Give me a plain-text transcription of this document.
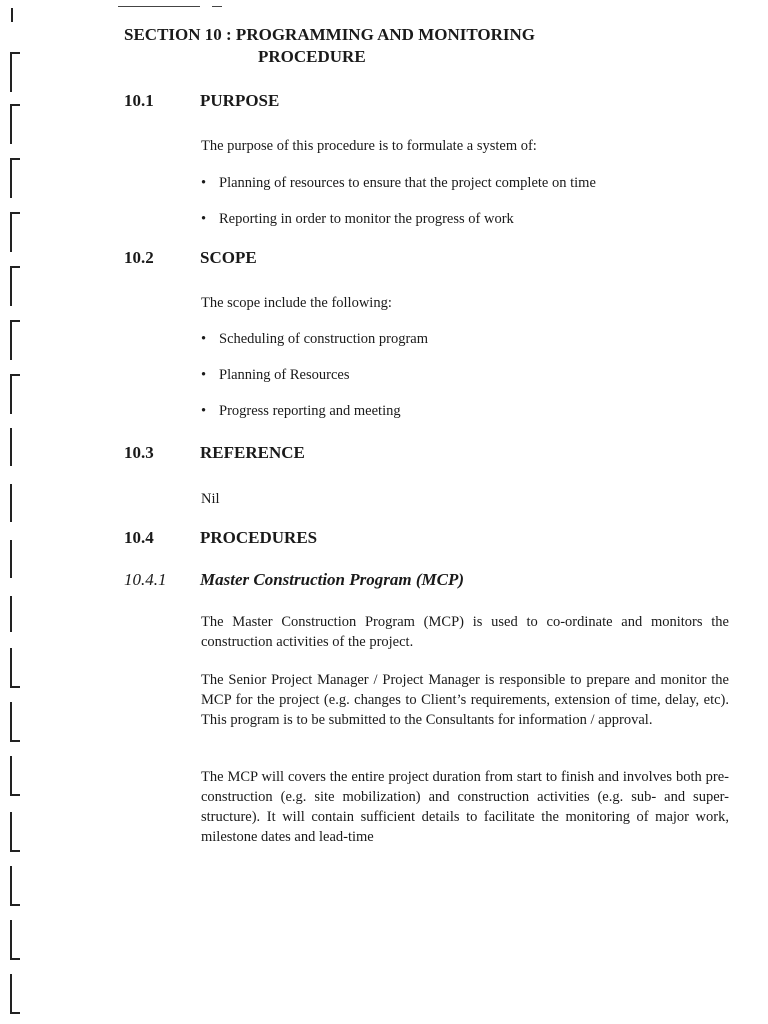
SECTION 10 : PROGRAMMING AND MONITORING
PROCEDURE
10.1	PURPOSE
The purpose of this procedure is to formulate a system of:
• Planning of resources to ensure that the project complete on time
• Reporting in order to monitor the progress of work
10.2	SCOPE
The scope include the following:
• Scheduling of construction program
• Planning of Resources
• Progress reporting and meeting
10.3	REFERENCE
Nil
10.4	PROCEDURES
10.4.1 Master Construction Program (MCP)
The Master Construction Program (MCP) is used to co-ordinate and monitors the construction activities of the project.
The Senior Project Manager / Project Manager is responsible to prepare and monitor the MCP for the project (e.g. changes to Client’s requirements, extension of time, delay, etc). This program is to be submitted to the Consultants for information / approval.
The MCP will covers the entire project duration from start to finish and involves both pre-construction (e.g. site mobilization) and construction activities (e.g. sub- and super-structure). It will contain sufficient details to facilitate the monitoring of major work, milestone dates and lead-time
